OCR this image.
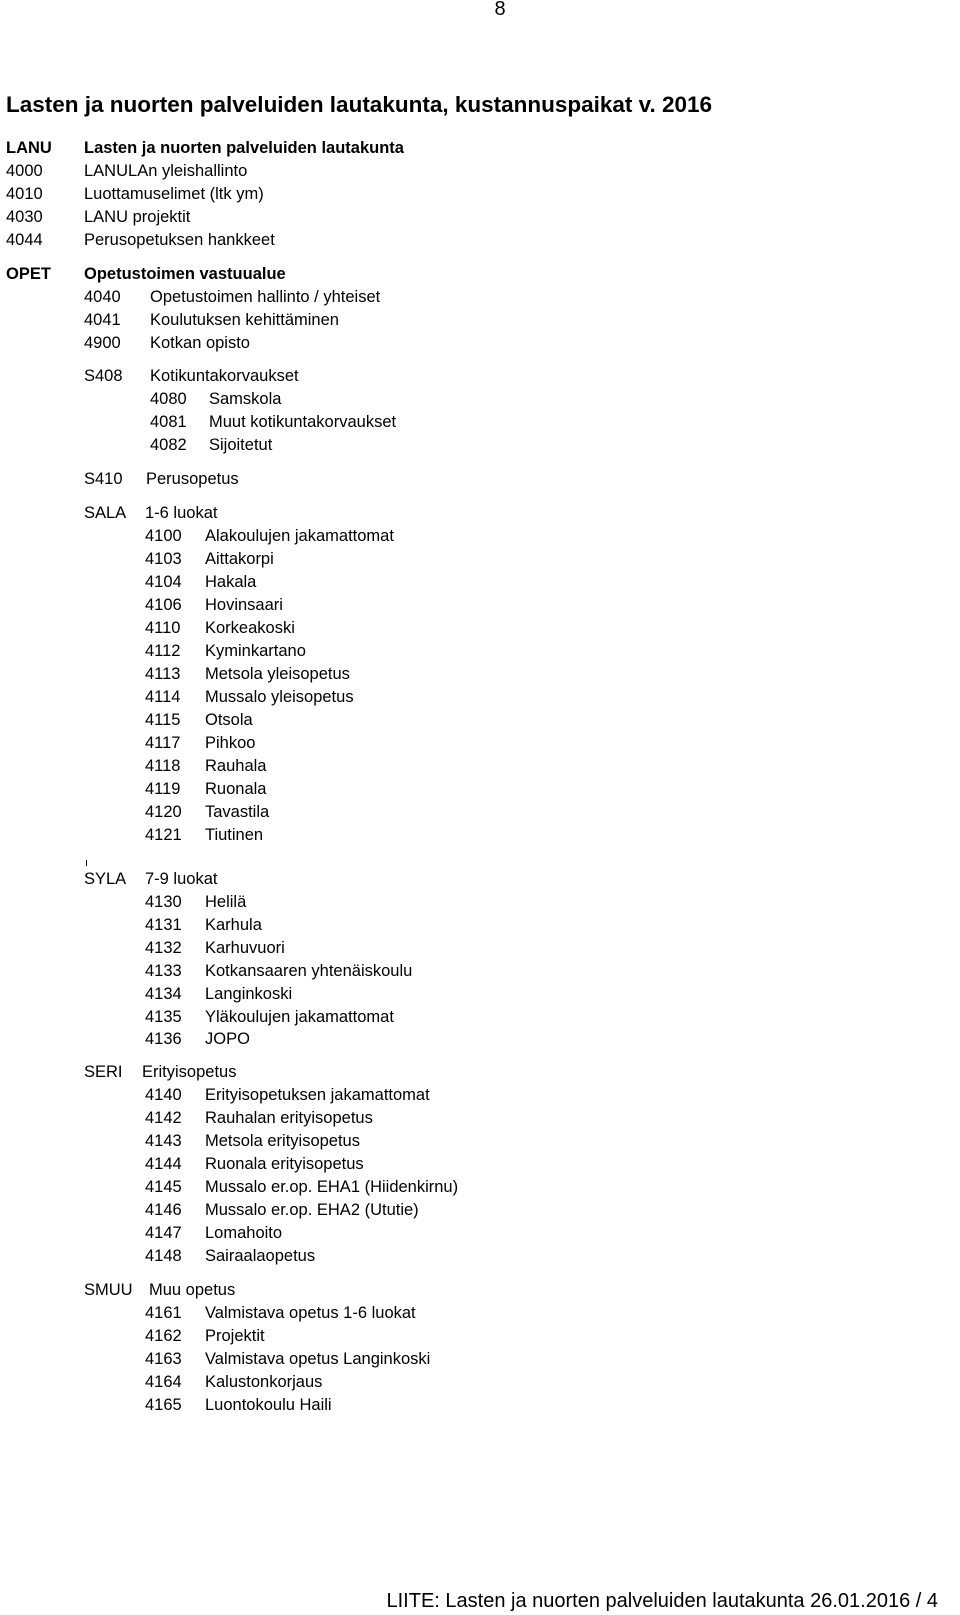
8
Lasten ja nuorten palveluiden lautakunta, kustannuspaikat v. 2016
LANU Lasten ja nuorten palveluiden lautakunta
4000	LANULAn yleishallinto
4010	Luottamuselimet (ltk ym)
4030	LANU projektit
4044	Perusopetuksen hankkeet
OPET Opetustoimen vastuualue
4040 Opetustoimen hallinto / yhteiset
4041 Koulutuksen kehittäminen
4900 Kotkan opisto
S408 Kotikuntakorvaukset
4080 Samskola
4081 Muut kotikuntakorvaukset
4082 Sijoitetut
S410 Perusopetus
SALA 1-6 luokat
4100 Alakoulujen jakamattomat
4103 Aittakorpi
4104 Hakala
4106 Hovinsaari
4110 Korkeakoski
4112 Kyminkartano
4113 Metsola yleisopetus
4114 Mussalo yleisopetus
4115 Otsola
4117 Pihkoo
4118 Rauhala
4119 Ruonala
4120 Tavastila
4121 Tiutinen
SYLA 7-9 luokat
4130 Helilä
4131 Karhula
4132 Karhuvuori
4133 Kotkansaaren yhtenäiskoulu
4134 Langinkoski
4135 Yläkoulujen jakamattomat
4136 JOPO
SERI Erityisopetus
4140 Erityisopetuksen jakamattomat
4142 Rauhalan erityisopetus
4143 Metsola erityisopetus
4144 Ruonala erityisopetus
4145 Mussalo er.op. EHA1 (Hiidenkirnu)
4146 Mussalo er.op. EHA2 (Ututie)
4147 Lomahoito
4148 Sairaalaopetus
SMUU Muu opetus
4161 Valmistava opetus 1-6 luokat
4162 Projektit
4163 Valmistava opetus Langinkoski
4164 Kalustonkorjaus
4165 Luontokoulu Haili
LIITE: Lasten ja nuorten palveluiden lautakunta 26.01.2016 / 4
